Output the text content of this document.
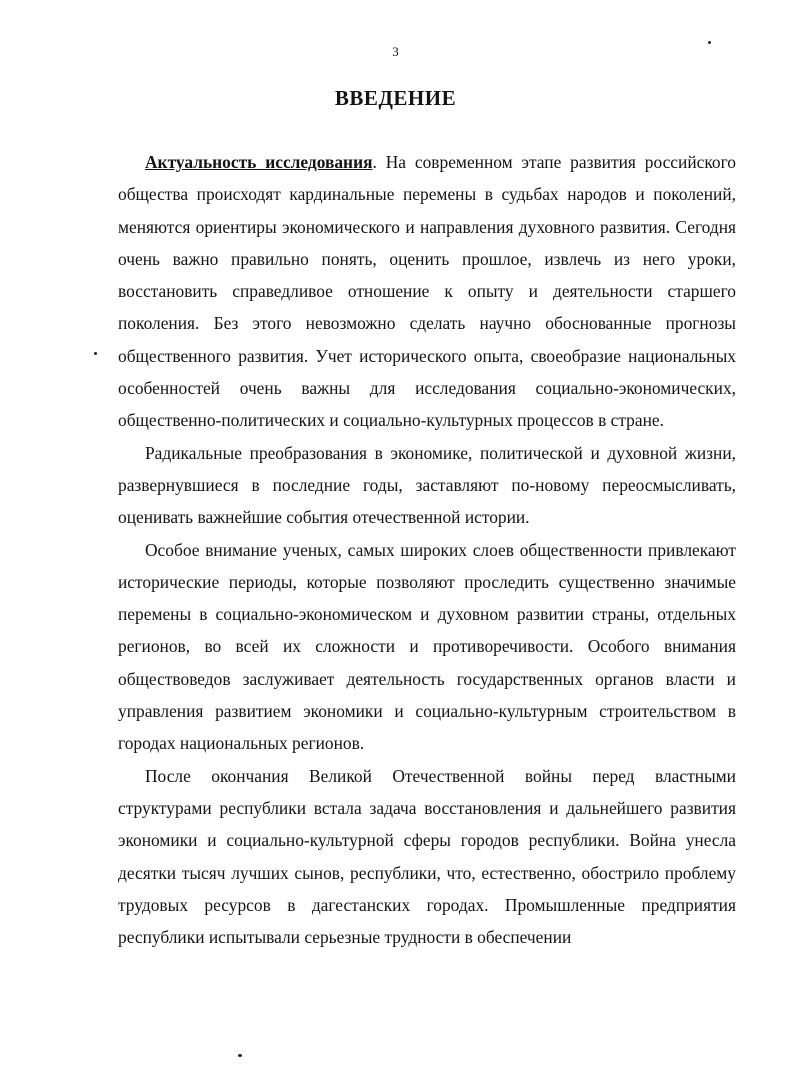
3
ВВЕДЕНИЕ

Актуальность исследования. На современном этапе развития российского общества происходят кардинальные перемены в судьбах народов и поколений, меняются ориентиры экономического и направления духовного развития. Сегодня очень важно правильно понять, оценить прошлое, извлечь из него уроки, восстановить справедливое отношение к опыту и деятельности старшего поколения. Без этого невозможно сделать научно обоснованные прогнозы общественного развития. Учет исторического опыта, своеобразие национальных особенностей очень важны для исследования социально-экономических, общественно-политических и социально-культурных процессов в стране.

Радикальные преобразования в экономике, политической и духовной жизни, развернувшиеся в последние годы, заставляют по-новому переосмысливать, оценивать важнейшие события отечественной истории.

Особое внимание ученых, самых широких слоев общественности привлекают исторические периоды, которые позволяют проследить существенно значимые перемены в социально-экономическом и духовном развитии страны, отдельных регионов, во всей их сложности и противоречивости. Особого внимания обществоведов заслуживает деятельность государственных органов власти и управления развитием экономики и социально-культурным строительством в городах национальных регионов.

После окончания Великой Отечественной войны перед властными структурами республики встала задача восстановления и дальнейшего развития экономики и социально-культурной сферы городов республики. Война унесла десятки тысяч лучших сынов, республики, что, естественно, обострило проблему трудовых ресурсов в дагестанских городах. Промышленные предприятия республики испытывали серьезные трудности в обеспечении
